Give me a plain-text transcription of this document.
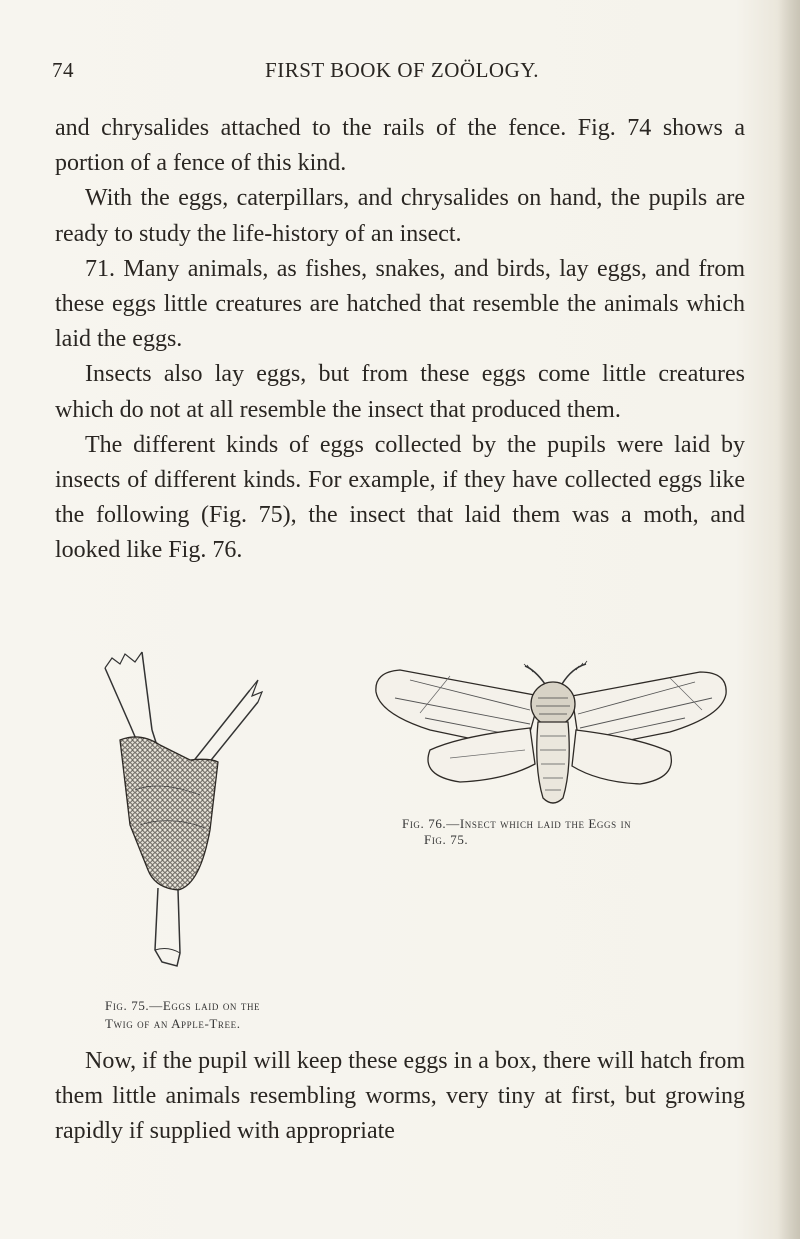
74	FIRST BOOK OF ZOÖLOGY.

and chrysalides attached to the rails of the fence. Fig. 74 shows a portion of a fence of this kind.

With the eggs, caterpillars, and chrysalides on hand, the pupils are ready to study the life-history of an insect.

71. Many animals, as fishes, snakes, and birds, lay eggs, and from these eggs little creatures are hatched that resemble the animals which laid the eggs.

Insects also lay eggs, but from these eggs come little creatures which do not at all resemble the insect that produced them.

The different kinds of eggs collected by the pupils were laid by insects of different kinds. For example, if they have collected eggs like the following (Fig. 75), the insect that laid them was a moth, and looked like Fig. 76.

Fig. 76.—Insect which laid the Eggs in
Fig. 75.
Fig. 75.—Eggs laid on the
Twig of an Apple-Tree.

Now, if the pupil will keep these eggs in a box, there will hatch from them little animals resembling worms, very tiny at first, but growing rapidly if supplied with appropriate
